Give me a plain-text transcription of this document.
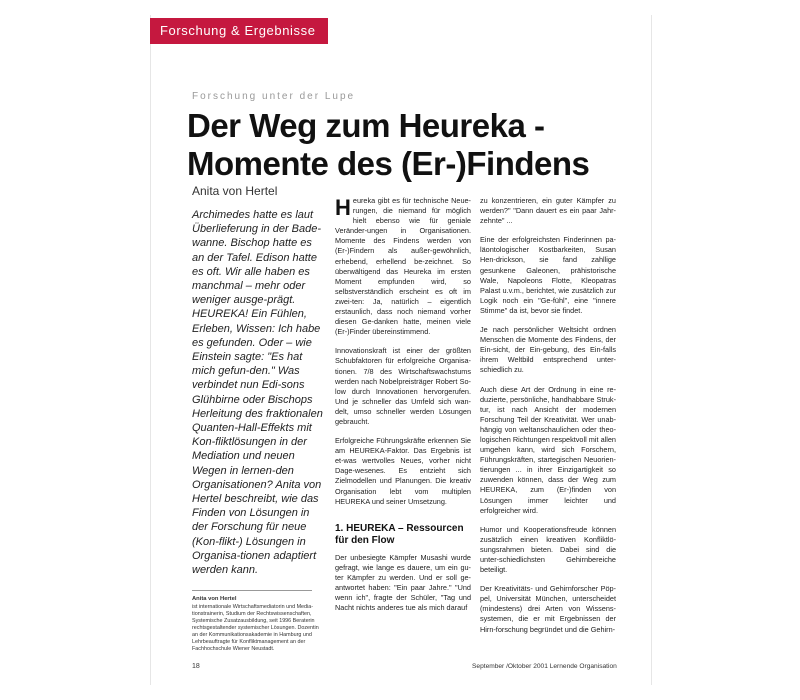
Forschung & Ergebnisse
Forschung unter der Lupe
Der Weg zum Heureka -
Momente des (Er-)Findens
Anita von Hertel

Archimedes hatte es laut Überlieferung in der Bade-wanne. Bischop hatte es an der Tafel. Edison hatte es oft. Wir alle haben es manchmal – mehr oder weniger ausge-prägt. HEUREKA! Ein Fühlen, Erleben, Wissen: Ich habe es gefunden. Oder – wie Einstein sagte: "Es hat mich gefun-den." Was verbindet nun Edi-sons Glühbirne oder Bischops Herleitung des fraktionalen Quanten-Hall-Effekts mit Kon-fliktlösungen in der Mediation und neuen Wegen in lernen-den Organisationen? Anita von Hertel beschreibt, wie das Finden von Lösungen in der Forschung für neue (Kon-flikt-) Lösungen in Organisa-tionen adaptiert werden kann.

Anita von Hertel
ist internationale Wirtschaftsmediatorin und Media-tionstrainerin, Studium der Rechtswissenschaften, Systemische Zusatzausbildung, seit 1996 Beraterin rechtsgestaltender systemischer Lösungen. Dozentin an der Kommunikationsakademie in Hamburg und Lehrbeauftragte für Konfliktmanagement an der Fachhochschule Wiener Neustadt.

Heureka gibt es für technische Neue-rungen, die niemand für möglich hielt ebenso wie für geniale Veränder-ungen in Organisationen. Momente des Findens werden von (Er-)Findern als außer-gewöhnlich, erhebend, erhellend be-zeichnet. So überwältigend das Heureka im ersten Moment empfunden wird, so selbstverständlich erscheint es oft im zwei-ten: Ja, natürlich – eigentlich erstaunlich, dass noch niemand vorher diesen Ge-danken hatte, meinen viele (Er-)Finder übereinstimmend.

Innovationskraft ist einer der größten Schubfaktoren für erfolgreiche Organisa-tionen. 7/8 des Wirtschaftswachstums werden nach Nobelpreisträger Robert So-low durch Innovationen hervorgerufen. Und je schneller das Umfeld sich wan-delt, umso schneller werden Lösungen gebraucht.

Erfolgreiche Führungskräfte erkennen Sie am HEUREKA-Faktor. Das Ergebnis ist et-was wertvolles Neues, vorher nicht Dage-wesenes. Es entzieht sich Zielmodellen und Planungen. Die kreativ Organisation lebt vom multiplen HEUREKA und seiner Umsetzung.

1. HEUREKA – Ressourcen für den Flow

Der unbesiegte Kämpfer Musashi wurde gefragt, wie lange es dauere, um ein gu-ter Kämpfer zu werden. Und er soll ge-antwortet haben: "Ein paar Jahre." "Und wenn ich", fragte der Schüler, "Tag und Nacht nichts anderes tue als mich darauf

zu konzentrieren, ein guter Kämpfer zu werden?" "Dann dauert es ein paar Jahr-zehnte" ...

Eine der erfolgreichsten Finderinnen pa-läontologischer Kostbarkeiten, Susan Hen-drickson, sie fand zahllige gesunkene Galeonen, prähistorische Wale, Napoleons Flotte, Kleopatras Palast u.v.m., berichtet, wie zusätzlich zur Logik noch ein "Ge-fühl", eine "innere Stimme" da ist, bevor sie findet.

Je nach persönlicher Weltsicht ordnen Menschen die Momente des Findens, der Ein-sicht, der Ein-gebung, des Ein-falls ihrem Weltbild entsprechend unter-schiedlich zu.

Auch diese Art der Ordnung in eine re-duzierte, persönliche, handhabbare Struk-tur, ist nach Ansicht der modernen Forschung Teil der Kreativität. Wer unab-hängig von weltanschaulichen oder theo-logischen Richtungen respektvoll mit allen umgehen kann, wird sich Forschern, Führungskräften, startegischen Neuorien-tierungen ... in ihrer Einzigartigkeit so zuwenden können, dass der Weg zum HEUREKA, zum (Er-)finden von Lösungen immer leichter und erfolgreicher wird.

Humor und Kooperationsfreude können zusätzlich einen kreativen Konfliktlö-sungsrahmen bieten. Dabei sind die unter-schiedlichsten Gehirnbereiche beteiligt.

Der Kreativitäts- und Gehirnforscher Pöp-pel, Universität München, unterscheidet (mindestens) drei Arten von Wissens-systemen, die er mit Ergebnissen der Hirn-forschung begründet und die Gehirn-

18	September /Oktober 2001 Lernende Organisation
